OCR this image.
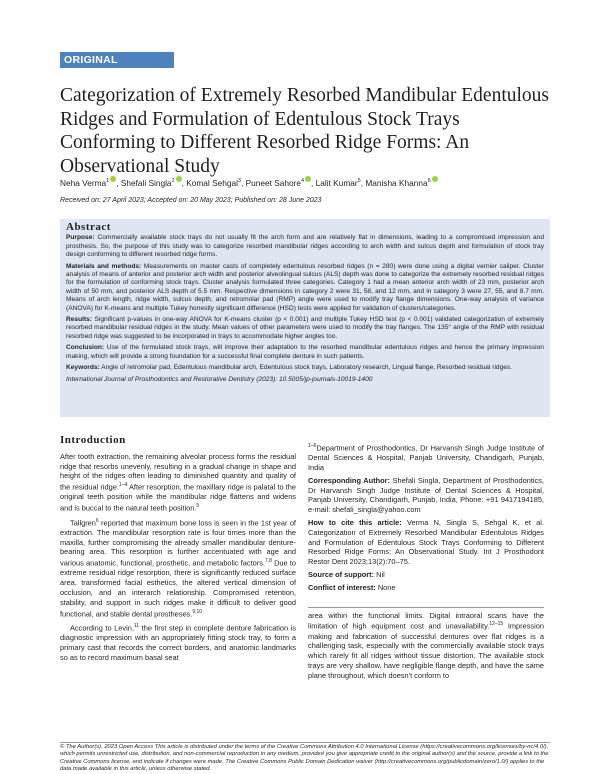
ORIGINAL RESEARCH
Categorization of Extremely Resorbed Mandibular Edentulous Ridges and Formulation of Edentulous Stock Trays Conforming to Different Resorbed Ridge Forms: An Observational Study
Neha Verma$^1$ , Shefali Singla$^2$ , Komal Sehgal$^3$, Puneet Sahore$^4$ , Lalit Kumar$^5$, Manisha Khanna$^6$
Received on: 27 April 2023; Accepted on: 20 May 2023; Published on: 28 June 2023
Abstract

Purpose: Commercially available stock trays do not usually fit the arch form and are relatively flat in dimensions, leading to a compromised impression and prosthesis. So, the purpose of this study was to categorize resorbed mandibular ridges according to arch width and sulcus depth and formulation of stock tray design conforming to different resorbed ridge forms.

Materials and methods: Measurements on master casts of completely edentulous resorbed ridges (n = 280) were done using a digital vernier caliper. Cluster analysis of means of anterior and posterior arch width and posterior alveolingual sulcus (ALS) depth was done to categorize the extremely resorbed residual ridges for the formulation of conforming stock trays. Cluster analysis formulated three categories. Category 1 had a mean anterior arch width of 23 mm, posterior arch width of 50 mm, and posterior ALS depth of 5.5 mm. Respective dimensions in category 2 were 31, 58, and 12 mm, and in category 3 were 27, 55, and 8.7 mm. Means of arch length, ridge width, sulcus depth, and retromolar pad (RMP) angle were used to modify tray flange dimensions. One-way analysis of variance (ANOVA) for K-means and multiple Tukey honestly significant difference (HSD) tests were applied for validation of clusters/categories.

Results: Significant p-values in one-way ANOVA for K-means cluster (p < 0.001) and multiple Tukey HSD test (p < 0.001) validated categorization of extremely resorbed mandibular residual ridges in the study. Mean values of other parameters were used to modify the tray flanges. The 135° angle of the RMP with residual resorbed ridge was suggested to be incorporated in trays to accommodate higher angles too.

Conclusion: Use of the formulated stock trays, will improve their adaptation to the resorbed mandibular edentulous ridges and hence the primary impression making, which will provide a strong foundation for a successful final complete denture in such patients.

Keywords: Angle of retromolar pad, Edentulous mandibular arch, Edentulous stock trays, Laboratory research, Lingual flange, Resorbed residual ridges.

International Journal of Prosthodontics and Restorative Dentistry (2023): 10.5005/jp-journals-10019-1400

Introduction

After tooth extraction, the remaining alveolar process forms the residual ridge that resorbs unevenly, resulting in a gradual change in shape and height of the ridges often leading to diminished quantity and quality of the residual ridge.$^{1-4}$ After resorption, the maxillary ridge is palatal to the original teeth position while the mandibular ridge flattens and widens and is buccal to the natural teeth position.$^5$

Tallgren$^6$ reported that maximum bone loss is seen in the 1st year of extraction. The mandibular resorption rate is four times more than the maxilla, further compromising the already smaller mandibular denture-bearing area. This resorption is further accentuated with age and various anatomic, functional, prosthetic, and metabolic factors.$^{7,8}$ Due to extreme residual ridge resorption, there is significantly reduced surface area, transformed facial esthetics, the altered vertical dimension of occlusion, and an interarch relationship. Compromised retention, stability, and support in such ridges make it difficult to deliver good functional, and stable dental prostheses.$^{9,10}$

According to Levin,$^{11}$ the first step in complete denture fabrication is diagnostic impression with an appropriately fitting stock tray, to form a primary cast that records the correct borders, and anatomic landmarks so as to record maximum basal seat

$^{1-6}$Department of Prosthodontics, Dr Harvansh Singh Judge Institute of Dental Sciences & Hospital, Panjab University, Chandigarh, Punjab, India

Corresponding Author: Shefali Singla, Department of Prosthodontics, Dr Harvansh Singh Judge Institute of Dental Sciences & Hospital, Panjab University, Chandigarh, Punjab, India, Phone: +91 9417194185, e-mail: shefali_singla@yahoo.com

How to cite this article: Verma N, Singla S, Sehgal K, et al. Categorization of Extremely Resorbed Mandibular Edentulous Ridges and Formulation of Edentulous Stock Trays Conforming to Different Resorbed Ridge Forms: An Observational Study. Int J Prosthodont Restor Dent 2023;13(2):70–75.

Source of support: Nil

Conflict of interest: None

area within the functional limits. Digital intraoral scans have the limitation of high equipment cost and unavailability.$^{12-15}$ Impression making and fabrication of successful dentures over flat ridges is a challenging task, especially with the commercially available stock trays which rarely fit all ridges without tissue distortion. The available stock trays are very shallow, have negligible flange depth, and have the same plane throughout, which doesn't conform to

© The Author(s). 2023 Open Access This article is distributed under the terms of the Creative Commons Attribution 4.0 International License (https://creativecommons.org/licenses/by-nc/4.0/), which permits unrestricted use, distribution, and non-commercial reproduction in any medium, provided you give appropriate credit to the original author(s) and the source, provide a link to the Creative Commons license, and indicate if changes were made. The Creative Commons Public Domain Dedication waiver (http://creativecommons.org/publicdomain/zero/1.0/) applies to the data made available in this article, unless otherwise stated.
